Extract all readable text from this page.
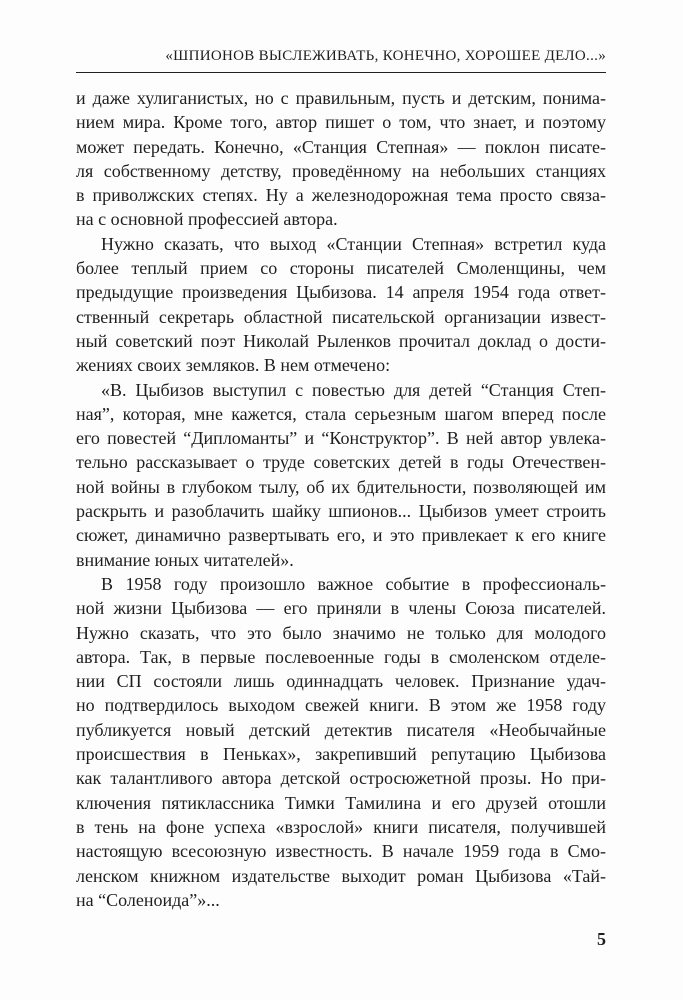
«ШПИОНОВ ВЫСЛЕЖИВАТЬ, КОНЕЧНО, ХОРОШЕЕ ДЕЛО...»
и даже хулиганистых, но с правильным, пусть и детским, понима-
нием мира. Кроме того, автор пишет о том, что знает, и поэтому
может передать. Конечно, «Станция Степная» — поклон писате-
ля собственному детству, проведённому на небольших станциях
в приволжских степях. Ну а железнодорожная тема просто связа-
на с основной профессией автора.
Нужно сказать, что выход «Станции Степная» встретил куда
более теплый прием со стороны писателей Смоленщины, чем
предыдущие произведения Цыбизова. 14 апреля 1954 года ответ-
ственный секретарь областной писательской организации извест-
ный советский поэт Николай Рыленков прочитал доклад о дости-
жениях своих земляков. В нем отмечено:
«В. Цыбизов выступил с повестью для детей “Станция Степ-
ная”, которая, мне кажется, стала серьезным шагом вперед после
его повестей “Дипломанты” и “Конструктор”. В ней автор увлека-
тельно рассказывает о труде советских детей в годы Отечествен-
ной войны в глубоком тылу, об их бдительности, позволяющей им
раскрыть и разоблачить шайку шпионов... Цыбизов умеет строить
сюжет, динамично развертывать его, и это привлекает к его книге
внимание юных читателей».
В 1958 году произошло важное событие в профессиональ-
ной жизни Цыбизова — его приняли в члены Союза писателей.
Нужно сказать, что это было значимо не только для молодого
автора. Так, в первые послевоенные годы в смоленском отделе-
нии СП состояли лишь одиннадцать человек. Признание удач-
но подтвердилось выходом свежей книги. В этом же 1958 году
публикуется новый детский детектив писателя «Необычайные
происшествия в Пеньках», закрепивший репутацию Цыбизова
как талантливого автора детской остросюжетной прозы. Но при-
ключения пятиклассника Тимки Тамилина и его друзей отошли
в тень на фоне успеха «взрослой» книги писателя, получившей
настоящую всесоюзную известность. В начале 1959 года в Смо-
ленском книжном издательстве выходит роман Цыбизова «Тай-
на “Соленоида”»...
5
